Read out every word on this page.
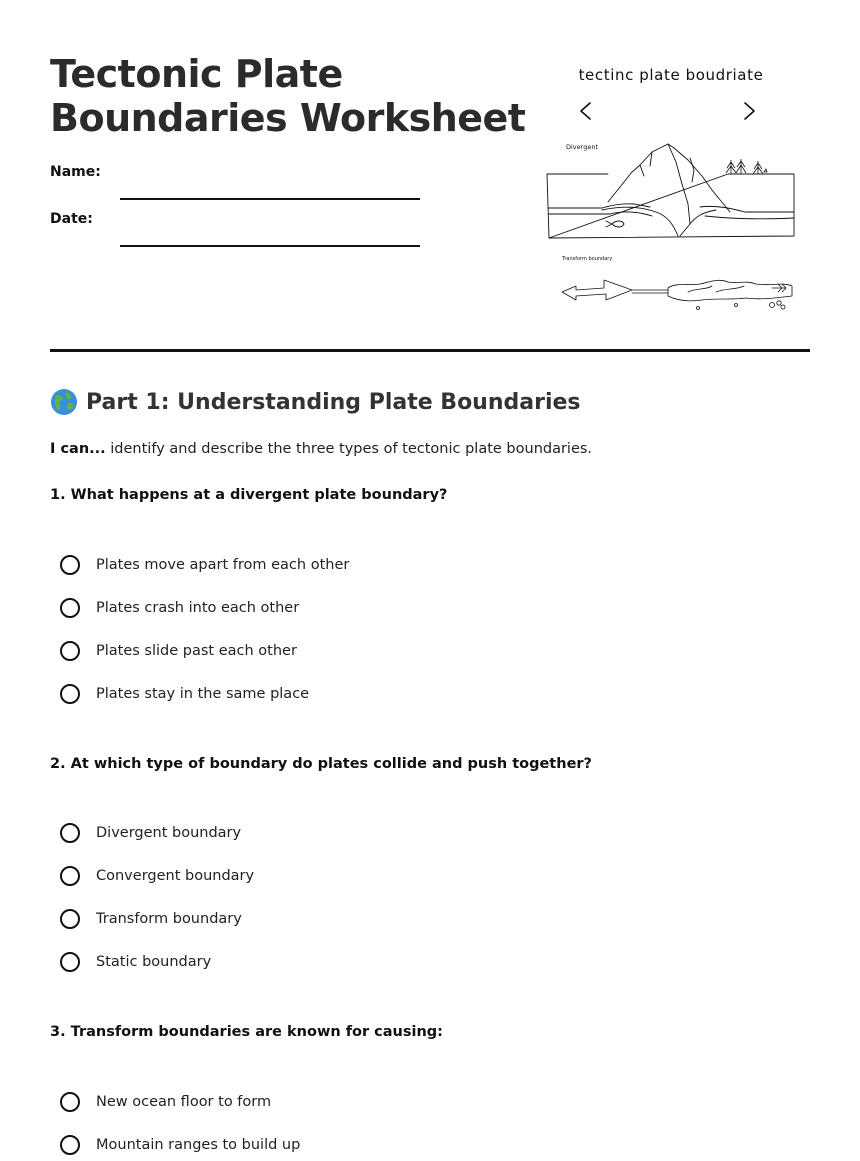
Tectonic Plate
Boundaries Worksheet
Name:
Date:
tectinc plate boudriate
Divergent
Transform boundary
Part 1: Understanding Plate Boundaries
I can... identify and describe the three types of tectonic plate boundaries.

1. What happens at a divergent plate boundary?

Plates move apart from each other
Plates crash into each other
Plates slide past each other
Plates stay in the same place

2. At which type of boundary do plates collide and push together?

Divergent boundary
Convergent boundary
Transform boundary
Static boundary

3. Transform boundaries are known for causing:

New ocean floor to form
Mountain ranges to build up
